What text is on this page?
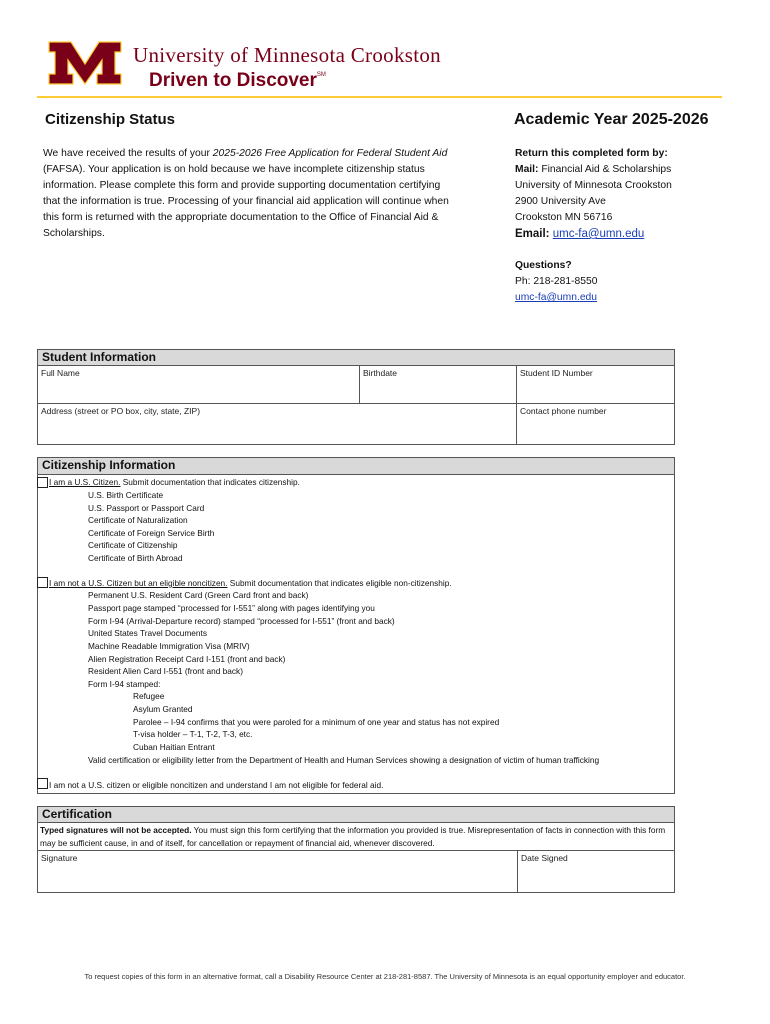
University of Minnesota Crookston
Driven to Discover℠
Citizenship Status	Academic Year 2025-2026
We have received the results of your 2025-2026 Free Application for Federal Student Aid (FAFSA). Your application is on hold because we have incomplete citizenship status information. Please complete this form and provide supporting documentation certifying that the information is true. Processing of your financial aid application will continue when this form is returned with the appropriate documentation to the Office of Financial Aid & Scholarships.
Return this completed form by:
Mail: Financial Aid & Scholarships
University of Minnesota Crookston
2900 University Ave
Crookston MN 56716
Email: umc-fa@umn.edu
Questions?
Ph: 218-281-8550
umc-fa@umn.edu
Student Information
Full Name	Birthdate	Student ID Number
Address (street or PO box, city, state, ZIP)	Contact phone number
Citizenship Information
I am a U.S. Citizen. Submit documentation that indicates citizenship.
U.S. Birth Certificate
U.S. Passport or Passport Card
Certificate of Naturalization
Certificate of Foreign Service Birth
Certificate of Citizenship
Certificate of Birth Abroad
I am not a U.S. Citizen but an eligible noncitizen. Submit documentation that indicates eligible non-citizenship.
Permanent U.S. Resident Card (Green Card front and back)
Passport page stamped “processed for I-551” along with pages identifying you
Form I-94 (Arrival-Departure record) stamped “processed for I-551” (front and back)
United States Travel Documents
Machine Readable Immigration Visa (MRIV)
Alien Registration Receipt Card I-151 (front and back)
Resident Alien Card I-551 (front and back)
Form I-94 stamped:
Refugee
Asylum Granted
Parolee – I-94 confirms that you were paroled for a minimum of one year and status has not expired
T-visa holder – T-1, T-2, T-3, etc.
Cuban Haitian Entrant
Valid certification or eligibility letter from the Department of Health and Human Services showing a designation of victim of human trafficking
I am not a U.S. citizen or eligible noncitizen and understand I am not eligible for federal aid.
Certification
Typed signatures will not be accepted. You must sign this form certifying that the information you provided is true. Misrepresentation of facts in connection with this form may be sufficient cause, in and of itself, for cancellation or repayment of financial aid, whenever discovered.
Signature	Date Signed
To request copies of this form in an alternative format, call a Disability Resource Center at 218-281-8587. The University of Minnesota is an equal opportunity employer and educator.
